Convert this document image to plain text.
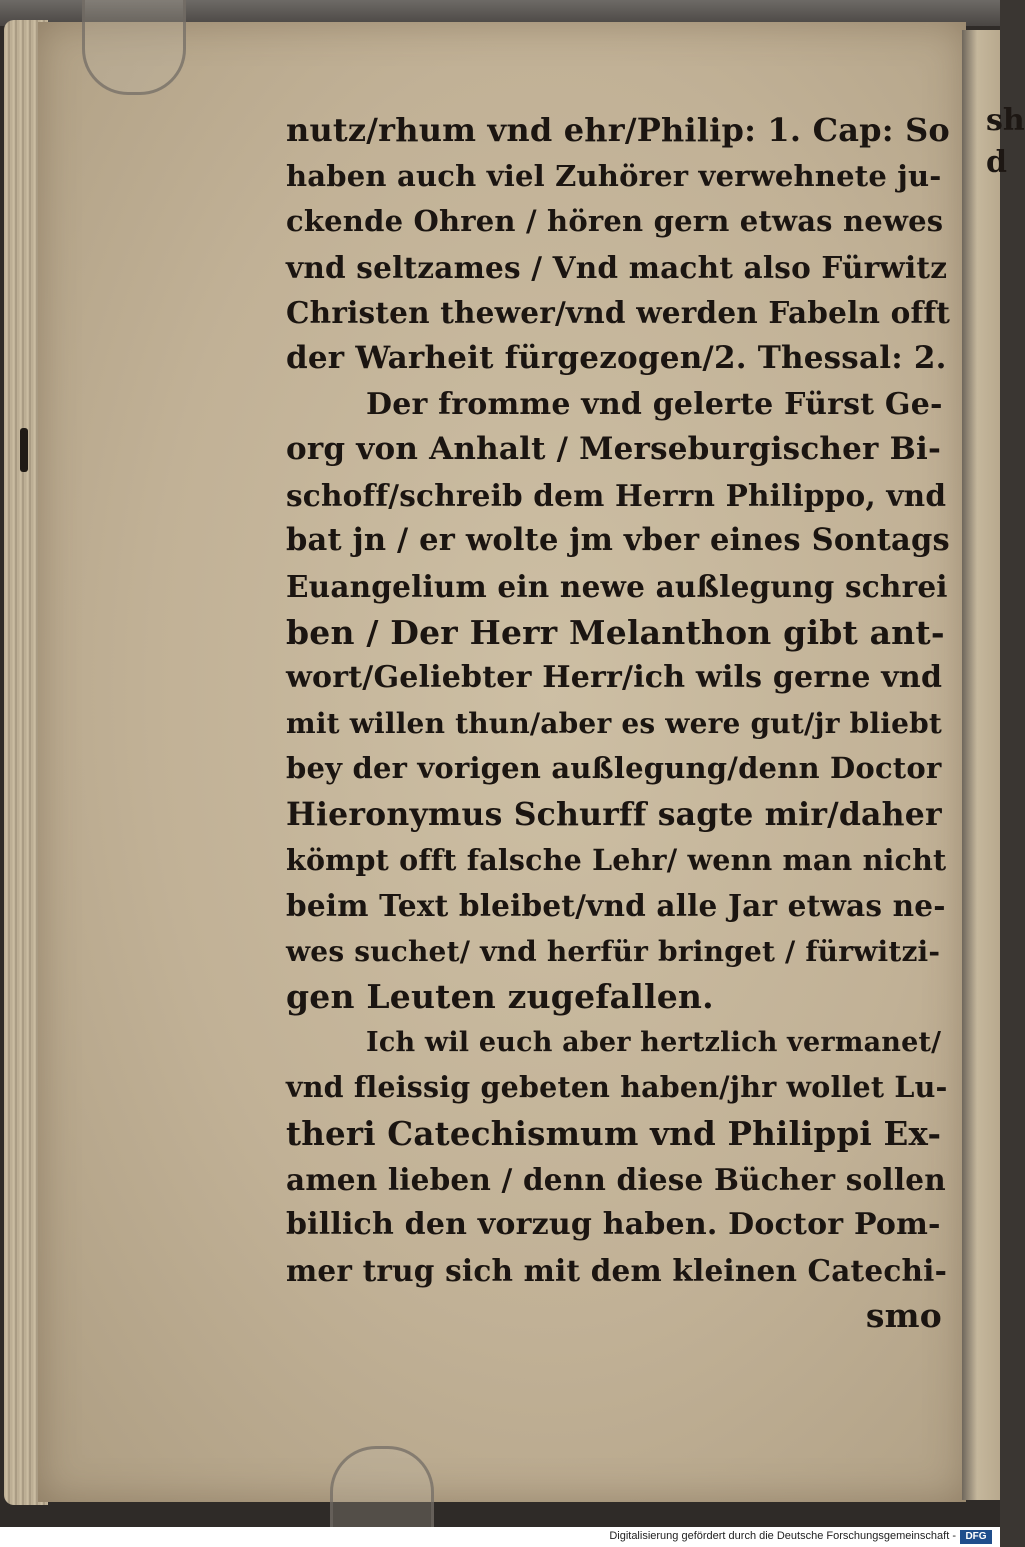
sh d
nutz/rhum vnd ehr/Philip: 1. Cap: So
haben auch viel Zuhörer verwehnete ju-
ckende Ohren / hören gern etwas newes
vnd seltzames / Vnd macht also Fürwitz
Christen thewer/vnd werden Fabeln offt
der Warheit fürgezogen/2. Thessal: 2.
Der fromme vnd gelerte Fürst Ge-
org von Anhalt / Merseburgischer Bi-
schoff/schreib dem Herrn Philippo, vnd
bat jn / er wolte jm vber eines Sontags
Euangelium ein newe außlegung schrei
ben / Der Herr Melanthon gibt ant-
wort/Geliebter Herr/ich wils gerne vnd
mit willen thun/aber es were gut/jr bliebt
bey der vorigen außlegung/denn Doctor
Hieronymus Schurff sagte mir/daher
kömpt offt falsche Lehr/ wenn man nicht
beim Text bleibet/vnd alle Jar etwas ne-
wes suchet/ vnd herfür bringet / fürwitzi-
gen Leuten zugefallen.
Ich wil euch aber hertzlich vermanet/
vnd fleissig gebeten haben/jhr wollet Lu-
theri Catechismum vnd Philippi Ex-
amen lieben / denn diese Bücher sollen
billich den vorzug haben. Doctor Pom-
mer trug sich mit dem kleinen Catechi-
smo
Digitalisierung gefördert durch die Deutsche Forschungsgemeinschaft - DFG
